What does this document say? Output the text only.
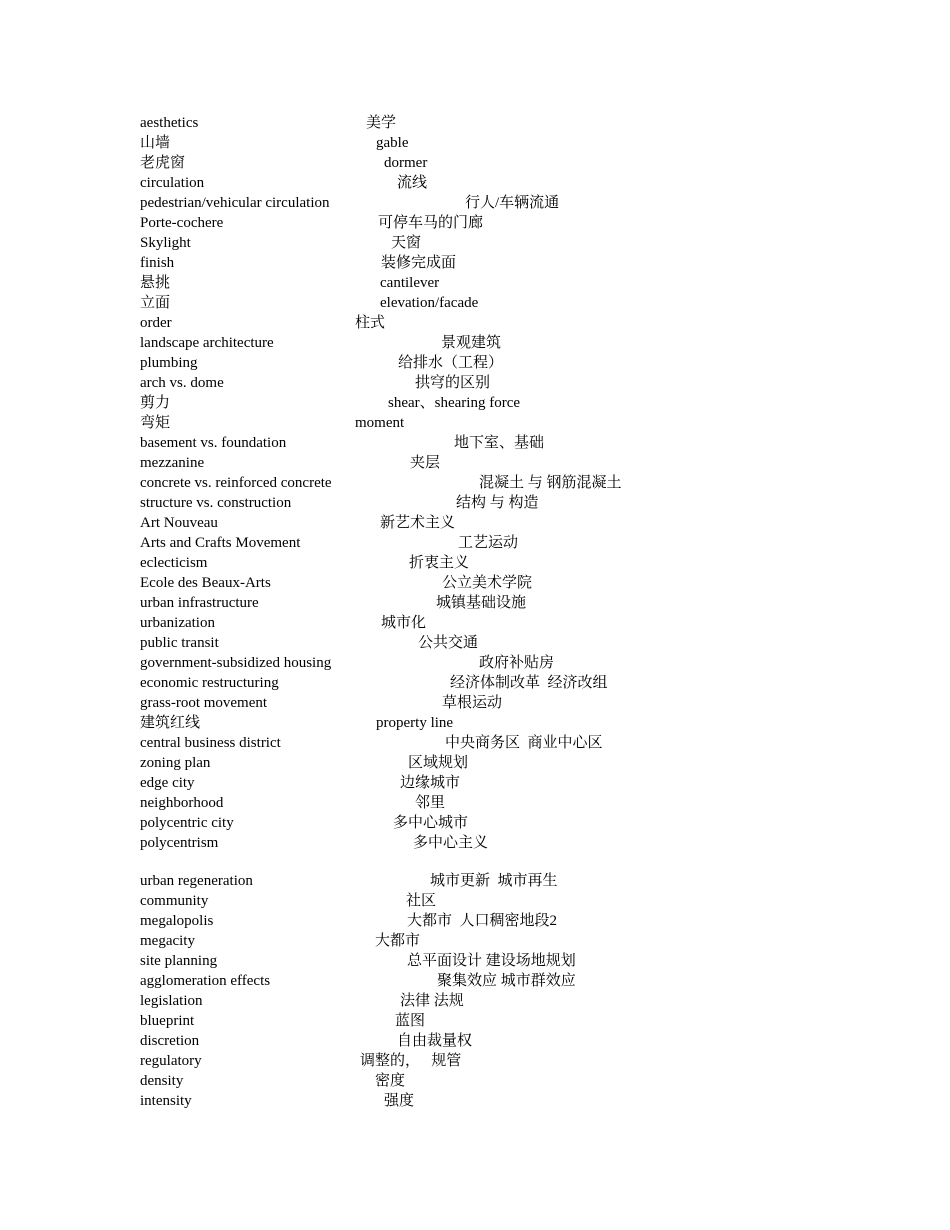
aesthetics	美学
山墙	gable
老虎窗	dormer
circulation	流线
pedestrian/vehicular circulation	行人/车辆流通
Porte-cochere	可停车马的门廊
Skylight	天窗
finish	装修完成面
悬挑	cantilever
立面	elevation/facade
order	柱式
landscape architecture	景观建筑
plumbing	给排水（工程）
arch vs. dome	拱穹的区别
剪力	shear、shearing force
弯矩	moment
basement vs. foundation	地下室、基础
mezzanine	夹层
concrete vs. reinforced concrete	混凝土 与 钢筋混凝土
structure vs. construction	结构 与 构造
Art Nouveau	新艺术主义
Arts and Crafts Movement	工艺运动
eclecticism	折衷主义
Ecole des Beaux-Arts	公立美术学院
urban infrastructure	城镇基础设施
urbanization	城市化
public transit	公共交通
government-subsidized housing	政府补贴房
economic restructuring	经济体制改革  经济改组
grass-root movement	草根运动
建筑红线	property line
central business district	中央商务区  商业中心区
zoning plan	区域规划
edge city	边缘城市
neighborhood	邻里
polycentric city	多中心城市
polycentrism	多中心主义
urban regeneration	城市更新  城市再生
community	社区
megalopolis	大都市  人口稠密地段2
megacity	大都市
site planning	总平面设计 建设场地规划
agglomeration effects	聚集效应 城市群效应
legislation	法律 法规
blueprint	蓝图
discretion	自由裁量权
regulatory	调整的，   规管
density	密度
intensity	强度
